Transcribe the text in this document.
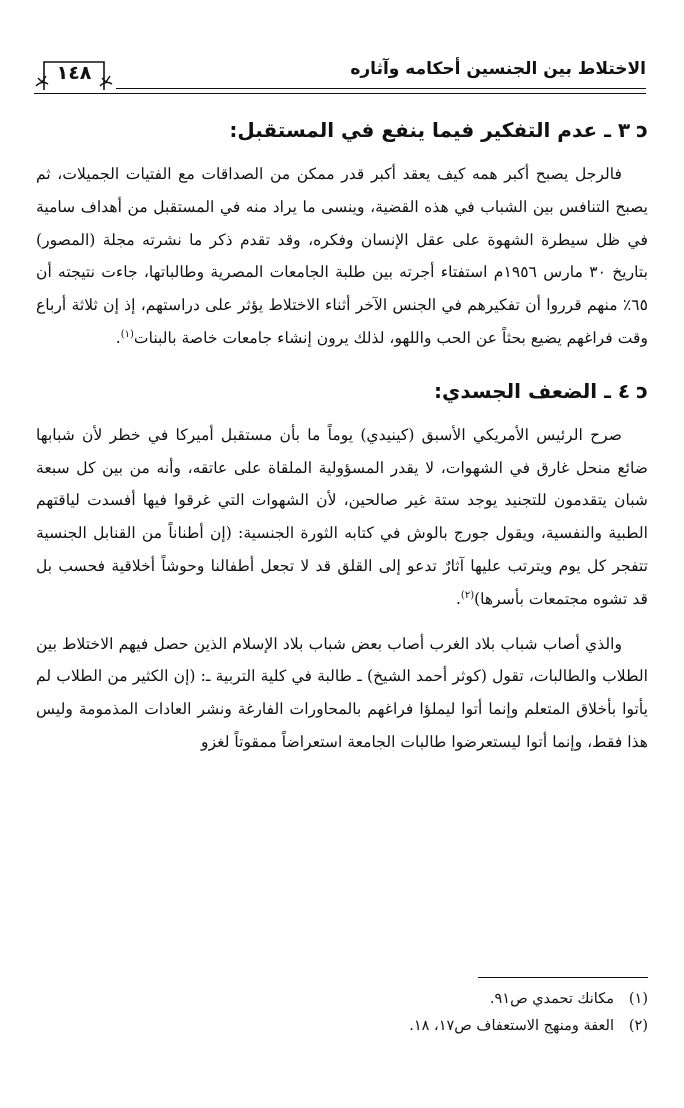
الاختلاط بين الجنسين أحكامه وآثاره
١٤٨
ↄ٣ ـ عدم التفكير فيما ينفع في المستقبل:

فالرجل يصبح أكبر همه كيف يعقد أكبر قدر ممكن من الصداقات مع الفتيات الجميلات، ثم يصبح التنافس بين الشباب في هذه القضية، وينسى ما يراد منه في المستقبل من أهداف سامية في ظل سيطرة الشهوة على عقل الإنسان وفكره، وقد تقدم ذكر ما نشرته مجلة (المصور) بتاريخ ٣٠ مارس ١٩٥٦م استفتاء أجرته بين طلبة الجامعات المصرية وطالباتها، جاءت نتيجته أن ٦٥٪ منهم قرروا أن تفكيرهم في الجنس الآخر أثناء الاختلاط يؤثر على دراستهم، إذ إن ثلاثة أرباع وقت فراغهم يضيع بحثاً عن الحب واللهو، لذلك يرون إنشاء جامعات خاصة بالبنات$^{(١)}$.

ↄ٤ ـ الضعف الجسدي:

صرح الرئيس الأمريكي الأسبق (كينيدي) يوماً ما بأن مستقبل أميركا في خطر لأن شبابها ضائع منحل غارق في الشهوات، لا يقدر المسؤولية الملقاة على عاتقه، وأنه من بين كل سبعة شبان يتقدمون للتجنيد يوجد ستة غير صالحين، لأن الشهوات التي غرقوا فيها أفسدت لياقتهم الطبية والنفسية، ويقول جورج بالوش في كتابه الثورة الجنسية: (إن أطناناً من القنابل الجنسية تتفجر كل يوم ويترتب عليها آثارٌ تدعو إلى القلق قد لا تجعل أطفالنا وحوشاً أخلاقية فحسب بل قد تشوه مجتمعات بأسرها)$^{(٢)}$.

والذي أصاب شباب بلاد الغرب أصاب بعض شباب بلاد الإسلام الذين حصل فيهم الاختلاط بين الطلاب والطالبات، تقول (كوثر أحمد الشيخ) ـ طالبة في كلية التربية ـ: (إن الكثير من الطلاب لم يأتوا بأخلاق المتعلم وإنما أتوا ليملؤا فراغهم بالمحاورات الفارغة ونشر العادات المذمومة وليس هذا فقط، وإنما أتوا ليستعرضوا طالبات الجامعة استعراضاً ممقوتاً لغزو

(١)مكانك تحمدي ص٩١.

(٢)العفة ومنهج الاستعفاف ص١٧، ١٨.
